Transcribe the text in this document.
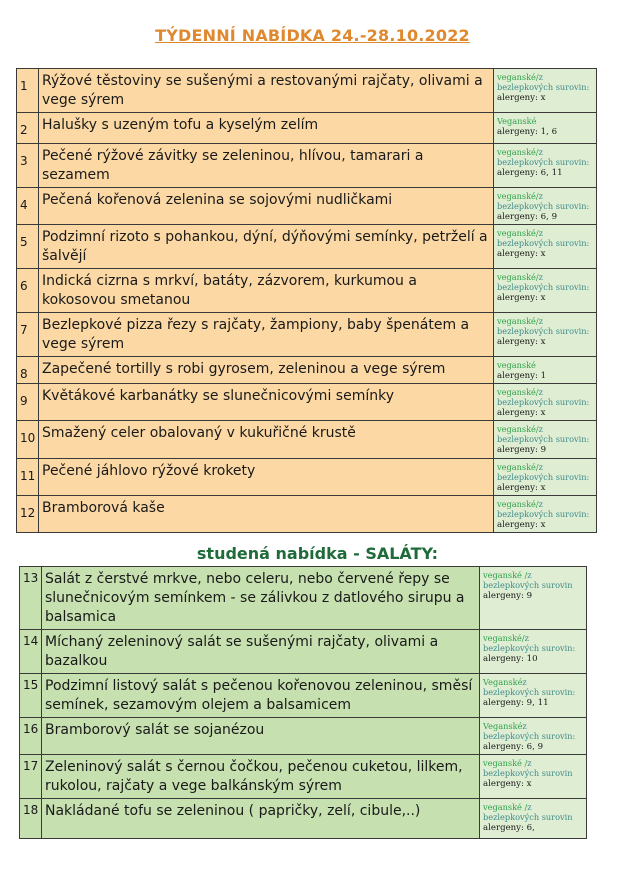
TÝDENNÍ NABÍDKA 24.-28.10.2022
1	Rýžové těstoviny se sušenými a restovanými rajčaty, olivami a vege sýrem	veganské/z bezlepkových surovin:
alergeny: x

2	Halušky s uzeným tofu a kyselým zelím	Veganské
alergeny: 1, 6

3	Pečené rýžové závitky se zeleninou, hlívou, tamarari a sezamem	veganské/z bezlepkových surovin:
alergeny: 6, 11

4	Pečená kořenová zelenina se sojovými nudličkami	veganské/z bezlepkových surovin:
alergeny: 6, 9

5	Podzimní rizoto s pohankou, dýní, dýňovými semínky, petrželí a šalvějí	veganské/z bezlepkových surovin:
alergeny: x

6	Indická cizrna s mrkví, batáty, zázvorem, kurkumou a kokosovou smetanou	veganské/z bezlepkových surovin:
alergeny: x

7	Bezlepkové pizza řezy s rajčaty, žampiony, baby špenátem a vege sýrem	veganské/z bezlepkových surovin:
alergeny: x

8	Zapečené tortilly s robi gyrosem, zeleninou a vege sýrem	veganské
alergeny: 1

9	Květákové karbanátky se slunečnicovými semínky	veganské/z bezlepkových surovin:
alergeny: x

10	Smažený celer obalovaný v kukuřičné krustě	veganské/z bezlepkových surovin:
alergeny: 9

11	Pečené jáhlovo rýžové krokety	veganské/z bezlepkových surovin:
alergeny: x

12	Bramborová kaše	veganské/z bezlepkových surovin:
alergeny: x
studená nabídka - SALÁTY:
13	Salát z čerstvé mrkve, nebo celeru, nebo červené řepy se slunečnicovým semínkem - se zálivkou z datlového sirupu a balsamica	veganské /z bezlepkových surovin
alergeny: 9

14	Míchaný zeleninový salát se sušenými rajčaty, olivami a bazalkou	veganské/z bezlepkových surovin:
alergeny: 10

15	Podzimní listový salát s pečenou kořenovou zeleninou, směsí semínek, sezamovým olejem a balsamicem	Veganskéz bezlepkových surovin:
alergeny: 9, 11

16	Bramborový salát se sojanézou	Veganskéz bezlepkových surovin:
alergeny: 6, 9

17	Zeleninový salát s černou čočkou, pečenou cuketou, lilkem, rukolou, rajčaty a vege balkánským sýrem	veganské /z bezlepkových surovin
alergeny: x

18	Nakládané tofu se zeleninou ( papričky, zelí, cibule,..)	veganské /z bezlepkových surovin
alergeny: 6,
